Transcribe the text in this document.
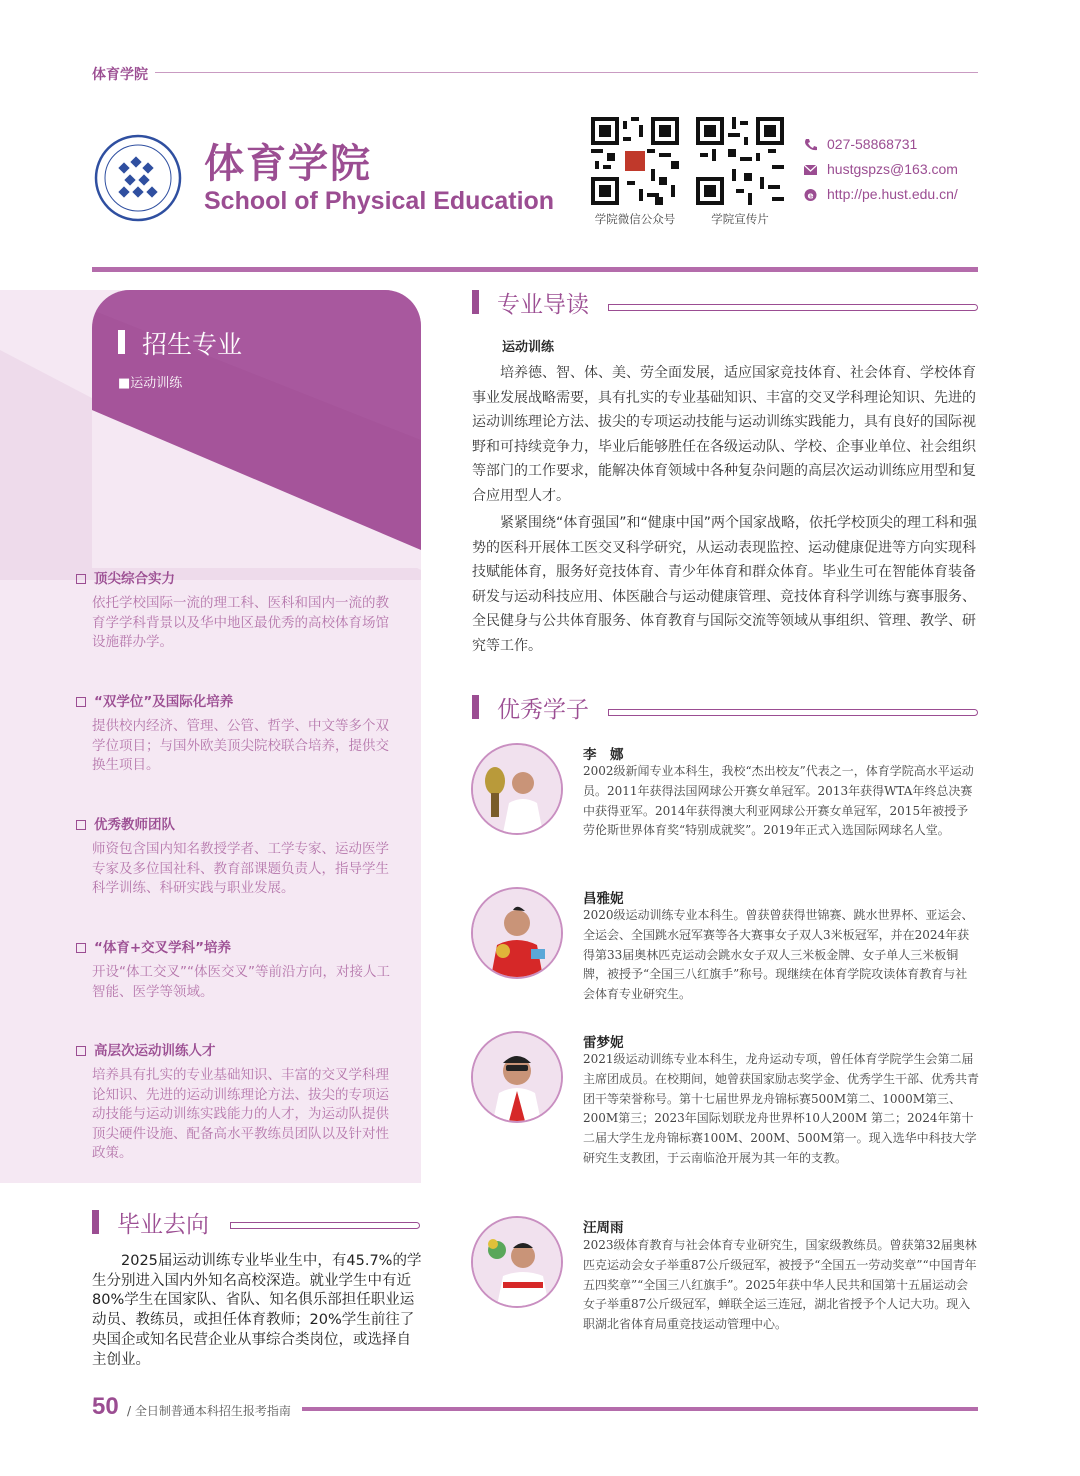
体育学院
体育学院
School of Physical Education
学院微信公众号	学院宣传片
027-58868731
hustgspzs@163.com
e http://pe.hust.edu.cn/
招生专业
■运动训练
顶尖综合实力
依托学校国际一流的理工科、医科和国内一流的教育学学科背景以及华中地区最优秀的高校体育场馆设施群办学。
“双学位”及国际化培养
提供校内经济、管理、公管、哲学、中文等多个双学位项目；与国外欧美顶尖院校联合培养，提供交换生项目。
优秀教师团队
师资包含国内知名教授学者、工学专家、运动医学专家及多位国社科、教育部课题负责人，指导学生科学训练、科研实践与职业发展。
“体育+交叉学科”培养
开设“体工交叉”“体医交叉”等前沿方向，对接人工智能、医学等领域。
高层次运动训练人才
培养具有扎实的专业基础知识、丰富的交叉学科理论知识、先进的运动训练理论方法、拔尖的专项运动技能与运动训练实践能力的人才，为运动队提供顶尖硬件设施、配备高水平教练员团队以及针对性政策。
毕业去向
2025届运动训练专业毕业生中，有45.7%的学生分别进入国内外知名高校深造。就业学生中有近80%学生在国家队、省队、知名俱乐部担任职业运动员、教练员，或担任体育教师；20%学生前往了央国企或知名民营企业从事综合类岗位，或选择自主创业。
专业导读
运动训练
培养德、智、体、美、劳全面发展，适应国家竞技体育、社会体育、学校体育事业发展战略需要，具有扎实的专业基础知识、丰富的交叉学科理论知识、先进的运动训练理论方法、拔尖的专项运动技能与运动训练实践能力，具有良好的国际视野和可持续竞争力，毕业后能够胜任在各级运动队、学校、企事业单位、社会组织等部门的工作要求，能解决体育领域中各种复杂问题的高层次运动训练应用型和复合应用型人才。
紧紧围绕“体育强国”和“健康中国”两个国家战略，依托学校顶尖的理工科和强势的医科开展体工医交叉科学研究，从运动表现监控、运动健康促进等方向实现科技赋能体育，服务好竞技体育、青少年体育和群众体育。毕业生可在智能体育装备研发与运动科技应用、体医融合与运动健康管理、竞技体育科学训练与赛事服务、全民健身与公共体育服务、体育教育与国际交流等领域从事组织、管理、教学、研究等工作。
优秀学子
李　娜
2002级新闻专业本科生，我校“杰出校友”代表之一，体育学院高水平运动员。2011年获得法国网球公开赛女单冠军。2013年获得WTA年终总决赛中获得亚军。2014年获得澳大利亚网球公开赛女单冠军，2015年被授予劳伦斯世界体育奖“特别成就奖”。2019年正式入选国际网球名人堂。
昌雅妮
2020级运动训练专业本科生。曾获曾获得世锦赛、跳水世界杯、亚运会、全运会、全国跳水冠军赛等各大赛事女子双人3米板冠军，并在2024年获得第33届奥林匹克运动会跳水女子双人三米板金牌、女子单人三米板铜牌，被授予“全国三八红旗手”称号。现继续在体育学院攻读体育教育与社会体育专业研究生。
雷梦妮
2021级运动训练专业本科生，龙舟运动专项，曾任体育学院学生会第二届主席团成员。在校期间，她曾获国家励志奖学金、优秀学生干部、优秀共青团干等荣誉称号。第十七届世界龙舟锦标赛500M第二、1000M第三、200M第三；2023年国际划联龙舟世界杯10人200M 第二；2024年第十二届大学生龙舟锦标赛100M、200M、500M第一。现入选华中科技大学研究生支教团，于云南临沧开展为其一年的支教。
汪周雨
2023级体育教育与社会体育专业研究生，国家级教练员。曾获第32届奥林匹克运动会女子举重87公斤级冠军，被授予“全国五一劳动奖章”“中国青年五四奖章”“全国三八红旗手”。2025年获中华人民共和国第十五届运动会女子举重87公斤级冠军，蝉联全运三连冠，湖北省授予个人记大功。现入职湖北省体育局重竞技运动管理中心。
50 / 全日制普通本科招生报考指南
